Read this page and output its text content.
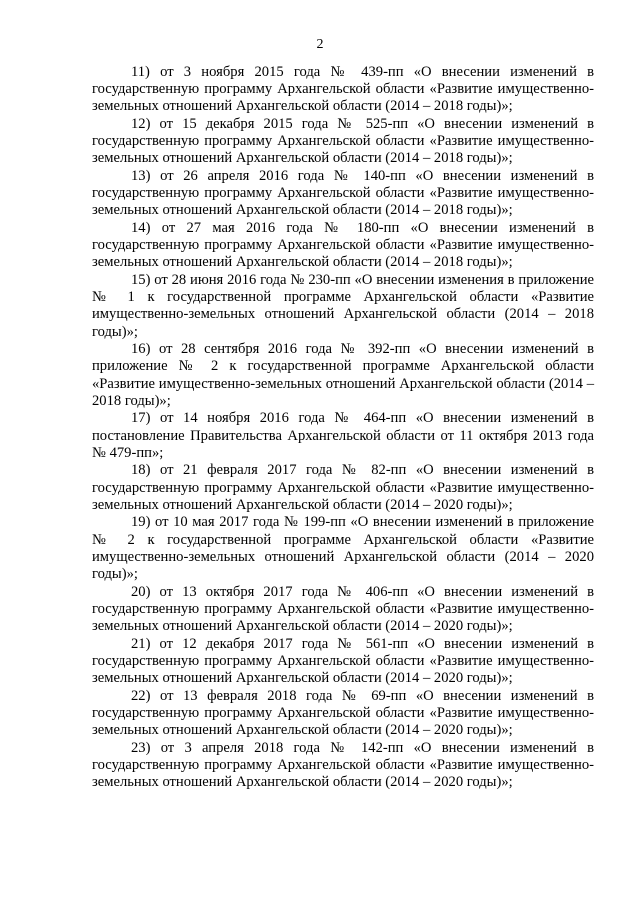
2

11) от 3 ноября 2015 года № 439-пп «О внесении изменений в государственную программу Архангельской области «Развитие имущественно-земельных отношений Архангельской области (2014 – 2018 годы)»;

12) от 15 декабря 2015 года № 525-пп «О внесении изменений в государственную программу Архангельской области «Развитие имущественно-земельных отношений Архангельской области (2014 – 2018 годы)»;

13) от 26 апреля 2016 года № 140-пп «О внесении изменений в государственную программу Архангельской области «Развитие имущественно-земельных отношений Архангельской области (2014 – 2018 годы)»;

14) от 27 мая 2016 года № 180-пп «О внесении изменений в государственную программу Архангельской области «Развитие имущественно-земельных отношений Архангельской области (2014 – 2018 годы)»;

15) от 28 июня 2016 года № 230-пп «О внесении изменения в приложение № 1 к государственной программе Архангельской области «Развитие имущественно-земельных отношений Архангельской области (2014 – 2018 годы)»;

16) от 28 сентября 2016 года № 392-пп «О внесении изменений в приложение № 2 к государственной программе Архангельской области «Развитие имущественно-земельных отношений Архангельской области (2014 – 2018 годы)»;

17) от 14 ноября 2016 года № 464-пп «О внесении изменений в постановление Правительства Архангельской области от 11 октября 2013 года № 479-пп»;

18) от 21 февраля 2017 года № 82-пп «О внесении изменений в государственную программу Архангельской области «Развитие имущественно-земельных отношений Архангельской области (2014 – 2020 годы)»;

19) от 10 мая 2017 года № 199-пп «О внесении изменений в приложение № 2 к государственной программе Архангельской области «Развитие имущественно-земельных отношений Архангельской области (2014 – 2020 годы)»;

20) от 13 октября 2017 года № 406-пп «О внесении изменений в государственную программу Архангельской области «Развитие имущественно-земельных отношений Архангельской области (2014 – 2020 годы)»;

21) от 12 декабря 2017 года № 561-пп «О внесении изменений в государственную программу Архангельской области «Развитие имущественно-земельных отношений Архангельской области (2014 – 2020 годы)»;

22) от 13 февраля 2018 года № 69-пп «О внесении изменений в государственную программу Архангельской области «Развитие имущественно-земельных отношений Архангельской области (2014 – 2020 годы)»;

23) от 3 апреля 2018 года № 142-пп «О внесении изменений в государственную программу Архангельской области «Развитие имущественно-земельных отношений Архангельской области (2014 – 2020 годы)»;
